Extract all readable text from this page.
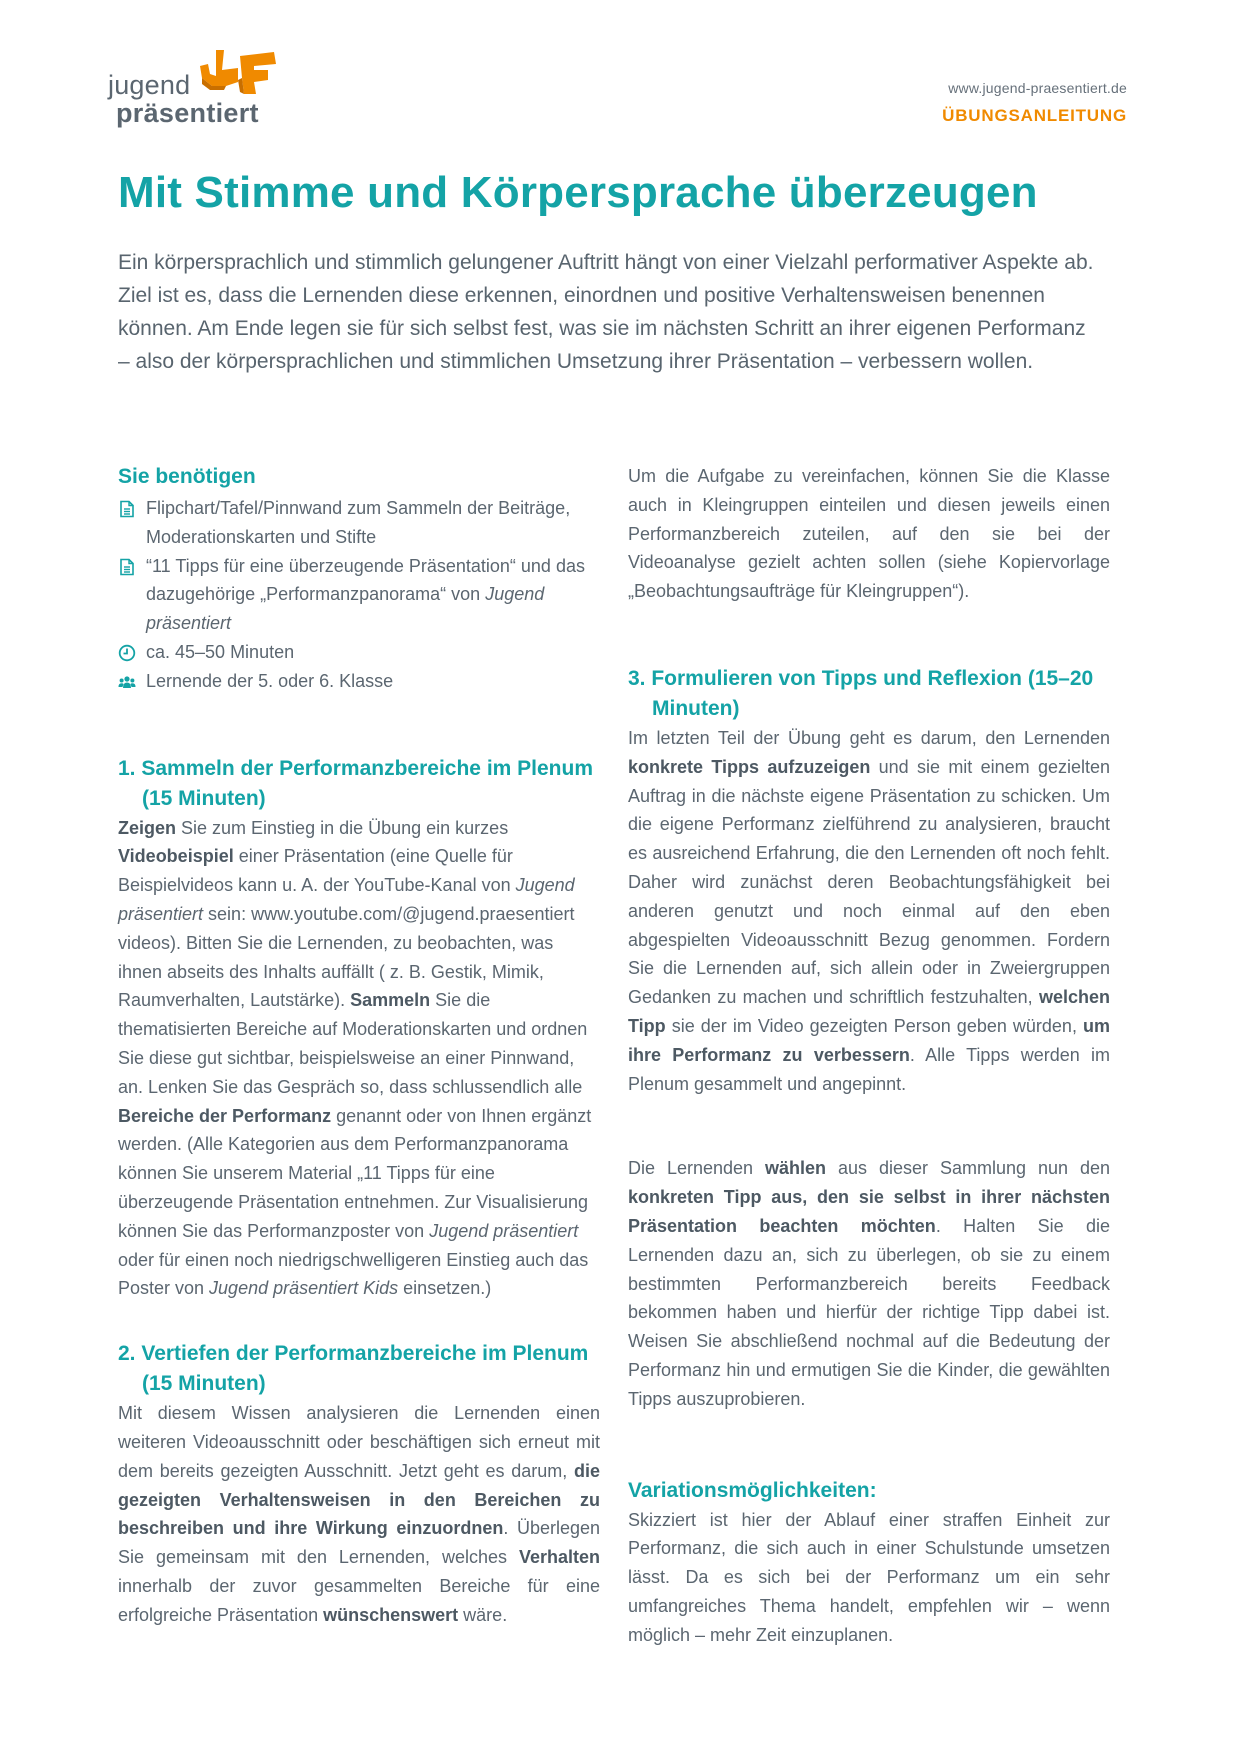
jugend
präsentiert
www.jugend-praesentiert.de
ÜBUNGSANLEITUNG
Mit Stimme und Körpersprache überzeugen

Ein körpersprachlich und stimmlich gelungener Auftritt hängt von einer Vielzahl performativer Aspekte ab. Ziel ist es, dass die Lernenden diese erkennen, einordnen und positive Verhaltensweisen benennen können. Am Ende legen sie für sich selbst fest, was sie im nächsten Schritt an ihrer eigenen Performanz – also der körpersprachlichen und stimmlichen Umsetzung ihrer Präsentation – verbessern wollen.

Sie benötigen
Flipchart/Tafel/Pinnwand zum Sammeln der Beiträge, Moderationskarten und Stifte
“11 Tipps für eine überzeugende Präsentation“ und das dazugehörige „Performanzpanorama“ von Jugend präsentiert
ca. 45–50 Minuten
Lernende der 5. oder 6. Klasse
1. Sammeln der Performanzbereiche im Plenum (15 Minuten)

Zeigen Sie zum Einstieg in die Übung ein kurzes Videobeispiel einer Präsentation (eine Quelle für Beispielvideos kann u. A. der YouTube-Kanal von Jugend präsentiert sein: www.youtube.com/@jugend.praesentiert videos). Bitten Sie die Lernenden, zu beobachten, was ihnen abseits des Inhalts auffällt ( z. B. Gestik, Mimik, Raumverhalten, Lautstärke). Sammeln Sie die thematisierten Bereiche auf Moderationskarten und ordnen Sie diese gut sichtbar, beispielsweise an einer Pinnwand, an. Lenken Sie das Gespräch so, dass schlussendlich alle Bereiche der Performanz genannt oder von Ihnen ergänzt werden. (Alle Kategorien aus dem Performanzpanorama können Sie unserem Material „11 Tipps für eine überzeugende Präsentation entnehmen. Zur Visualisierung können Sie das Performanzposter von Jugend präsentiert oder für einen noch niedrigschwelligeren Einstieg auch das Poster von Jugend präsentiert Kids einsetzen.)

2. Vertiefen der Performanzbereiche im Plenum (15 Minuten)

Mit diesem Wissen analysieren die Lernenden einen weiteren Videoausschnitt oder beschäftigen sich erneut mit dem bereits gezeigten Ausschnitt. Jetzt geht es darum, die gezeigten Verhaltensweisen in den Bereichen zu beschreiben und ihre Wirkung einzuordnen. Überlegen Sie gemeinsam mit den Lernenden, welches Verhalten innerhalb der zuvor gesammelten Bereiche für eine erfolgreiche Präsentation wünschenswert wäre.

Um die Aufgabe zu vereinfachen, können Sie die Klasse auch in Kleingruppen einteilen und diesen jeweils einen Performanzbereich zuteilen, auf den sie bei der Videoanalyse gezielt achten sollen (siehe Kopiervorlage „Beobachtungsaufträge für Kleingruppen“).

3. Formulieren von Tipps und Reflexion (15–20 Minuten)

Im letzten Teil der Übung geht es darum, den Lernenden konkrete Tipps aufzuzeigen und sie mit einem gezielten Auftrag in die nächste eigene Präsentation zu schicken. Um die eigene Performanz zielführend zu analysieren, braucht es ausreichend Erfahrung, die den Lernenden oft noch fehlt. Daher wird zunächst deren Beobachtungsfähigkeit bei anderen genutzt und noch einmal auf den eben abgespielten Videoausschnitt Bezug genommen. Fordern Sie die Lernenden auf, sich allein oder in Zweiergruppen Gedanken zu machen und schriftlich festzuhalten, welchen Tipp sie der im Video gezeigten Person geben würden, um ihre Performanz zu verbessern. Alle Tipps werden im Plenum gesammelt und angepinnt.

Die Lernenden wählen aus dieser Sammlung nun den konkreten Tipp aus, den sie selbst in ihrer nächsten Präsentation beachten möchten. Halten Sie die Lernenden dazu an, sich zu überlegen, ob sie zu einem bestimmten Performanzbereich bereits Feedback bekommen haben und hierfür der richtige Tipp dabei ist. Weisen Sie abschließend nochmal auf die Bedeutung der Performanz hin und ermutigen Sie die Kinder, die gewählten Tipps auszuprobieren.

Variationsmöglichkeiten:

Skizziert ist hier der Ablauf einer straffen Einheit zur Performanz, die sich auch in einer Schulstunde umsetzen lässt. Da es sich bei der Performanz um ein sehr umfangreiches Thema handelt, empfehlen wir – wenn möglich – mehr Zeit einzuplanen.
